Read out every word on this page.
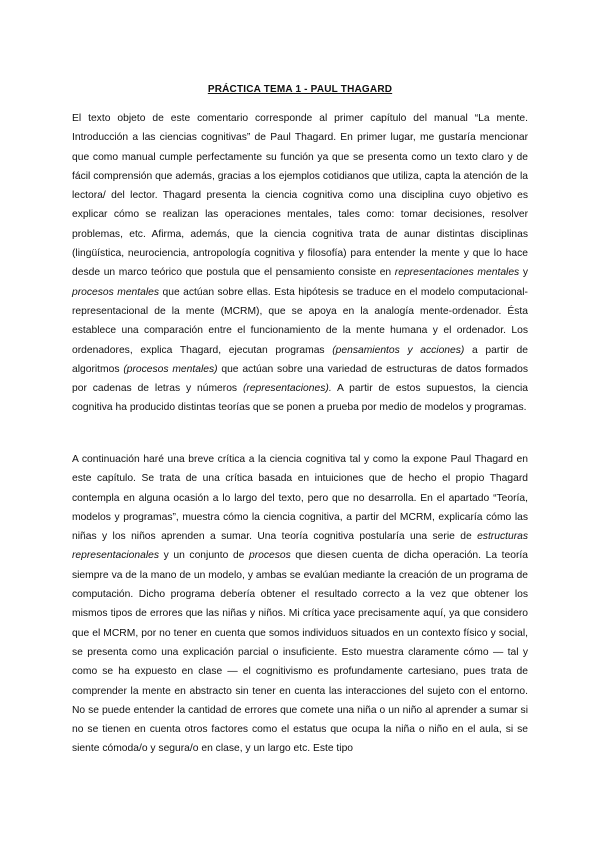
PRÁCTICA TEMA 1 - PAUL THAGARD

El texto objeto de este comentario corresponde al primer capítulo del manual “La mente. Introducción a las ciencias cognitivas” de Paul Thagard. En primer lugar, me gustaría mencionar que como manual cumple perfectamente su función ya que se presenta como un texto claro y de fácil comprensión que además, gracias a los ejemplos cotidianos que utiliza, capta la atención de la lectora/ del lector. Thagard presenta la ciencia cognitiva como una disciplina cuyo objetivo es explicar cómo se realizan las operaciones mentales, tales como: tomar decisiones, resolver problemas, etc. Afirma, además, que la ciencia cognitiva trata de aunar distintas disciplinas (lingüística, neurociencia, antropología cognitiva y filosofía) para entender la mente y que lo hace desde un marco teórico que postula que el pensamiento consiste en representaciones mentales y procesos mentales que actúan sobre ellas. Esta hipótesis se traduce en el modelo computacional-representacional de la mente (MCRM), que se apoya en la analogía mente-ordenador. Ésta establece una comparación entre el funcionamiento de la mente humana y el ordenador. Los ordenadores, explica Thagard, ejecutan programas (pensamientos y acciones) a partir de algoritmos (procesos mentales) que actúan sobre una variedad de estructuras de datos formados por cadenas de letras y números (representaciones). A partir de estos supuestos, la ciencia cognitiva ha producido distintas teorías que se ponen a prueba por medio de modelos y programas.

A continuación haré una breve crítica a la ciencia cognitiva tal y como la expone Paul Thagard en este capítulo. Se trata de una crítica basada en intuiciones que de hecho el propio Thagard contempla en alguna ocasión a lo largo del texto, pero que no desarrolla. En el apartado “Teoría, modelos y programas”, muestra cómo la ciencia cognitiva, a partir del MCRM, explicaría cómo las niñas y los niños aprenden a sumar. Una teoría cognitiva postularía una serie de estructuras representacionales y un conjunto de procesos que diesen cuenta de dicha operación. La teoría siempre va de la mano de un modelo, y ambas se evalúan mediante la creación de un programa de computación. Dicho programa debería obtener el resultado correcto a la vez que obtener los mismos tipos de errores que las niñas y niños. Mi crítica yace precisamente aquí, ya que considero que el MCRM, por no tener en cuenta que somos individuos situados en un contexto físico y social, se presenta como una explicación parcial o insuficiente. Esto muestra claramente cómo — tal y como se ha expuesto en clase — el cognitivismo es profundamente cartesiano, pues trata de comprender la mente en abstracto sin tener en cuenta las interacciones del sujeto con el entorno. No se puede entender la cantidad de errores que comete una niña o un niño al aprender a sumar si no se tienen en cuenta otros factores como el estatus que ocupa la niña o niño en el aula, si se siente cómoda/o y segura/o en clase, y un largo etc. Este tipo
